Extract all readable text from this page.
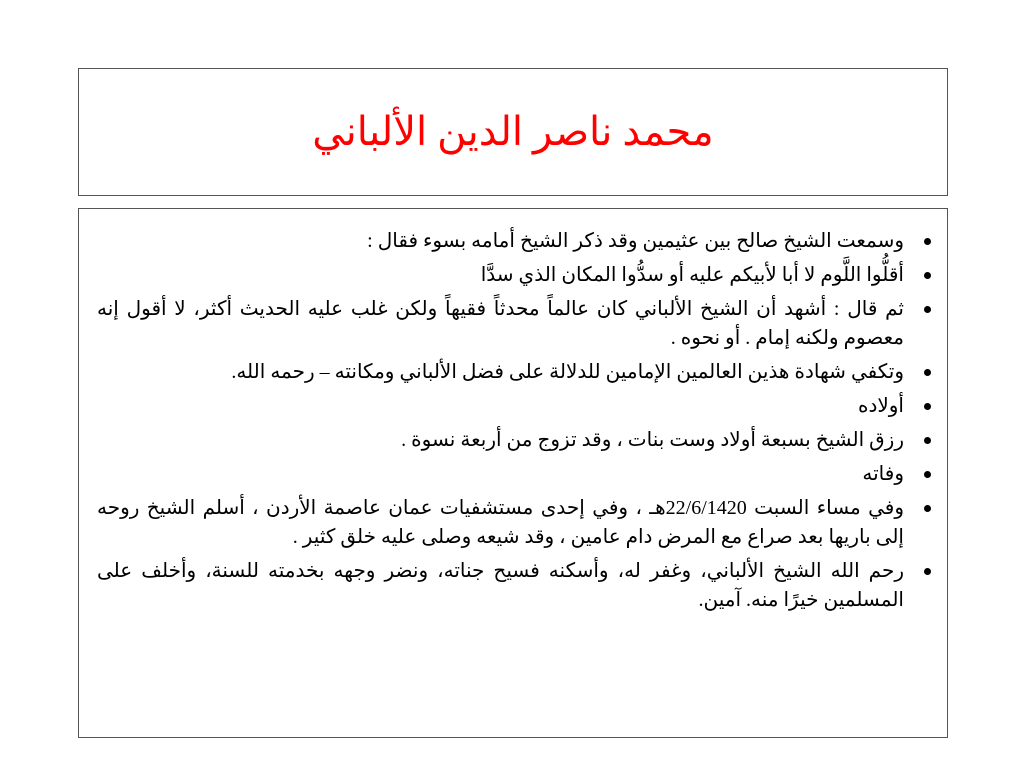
محمد ناصر الدين الألباني
وسمعت الشيخ صالح بين عثيمين وقد ذكر الشيخ أمامه بسوء فقال :
أقلُّوا اللَّوم لا أبا لأبيكم عليه أو سدُّوا المكان الذي سدَّا
ثم قال : أشهد أن الشيخ الألباني كان عالماً محدثاً فقيهاً ولكن غلب عليه الحديث أكثر، لا أقول إنه معصوم ولكنه إمام . أو نحوه .
وتكفي شهادة هذين العالمين الإمامين للدلالة على فضل الألباني ومكانته – رحمه الله.
أولاده
رزق الشيخ بسبعة أولاد وست بنات ، وقد تزوج من أربعة نسوة .
وفاته
وفي مساء السبت 22/6/1420هـ ، وفي إحدى مستشفيات عمان عاصمة الأردن ، أسلم الشيخ روحه إلى باريها بعد صراع مع المرض دام عامين ، وقد شيعه وصلى عليه خلق كثير .
رحم الله الشيخ الألباني، وغفر له، وأسكنه فسيح جناته، ونضر وجهه بخدمته للسنة، وأخلف على المسلمين خيرًا منه. آمين.
